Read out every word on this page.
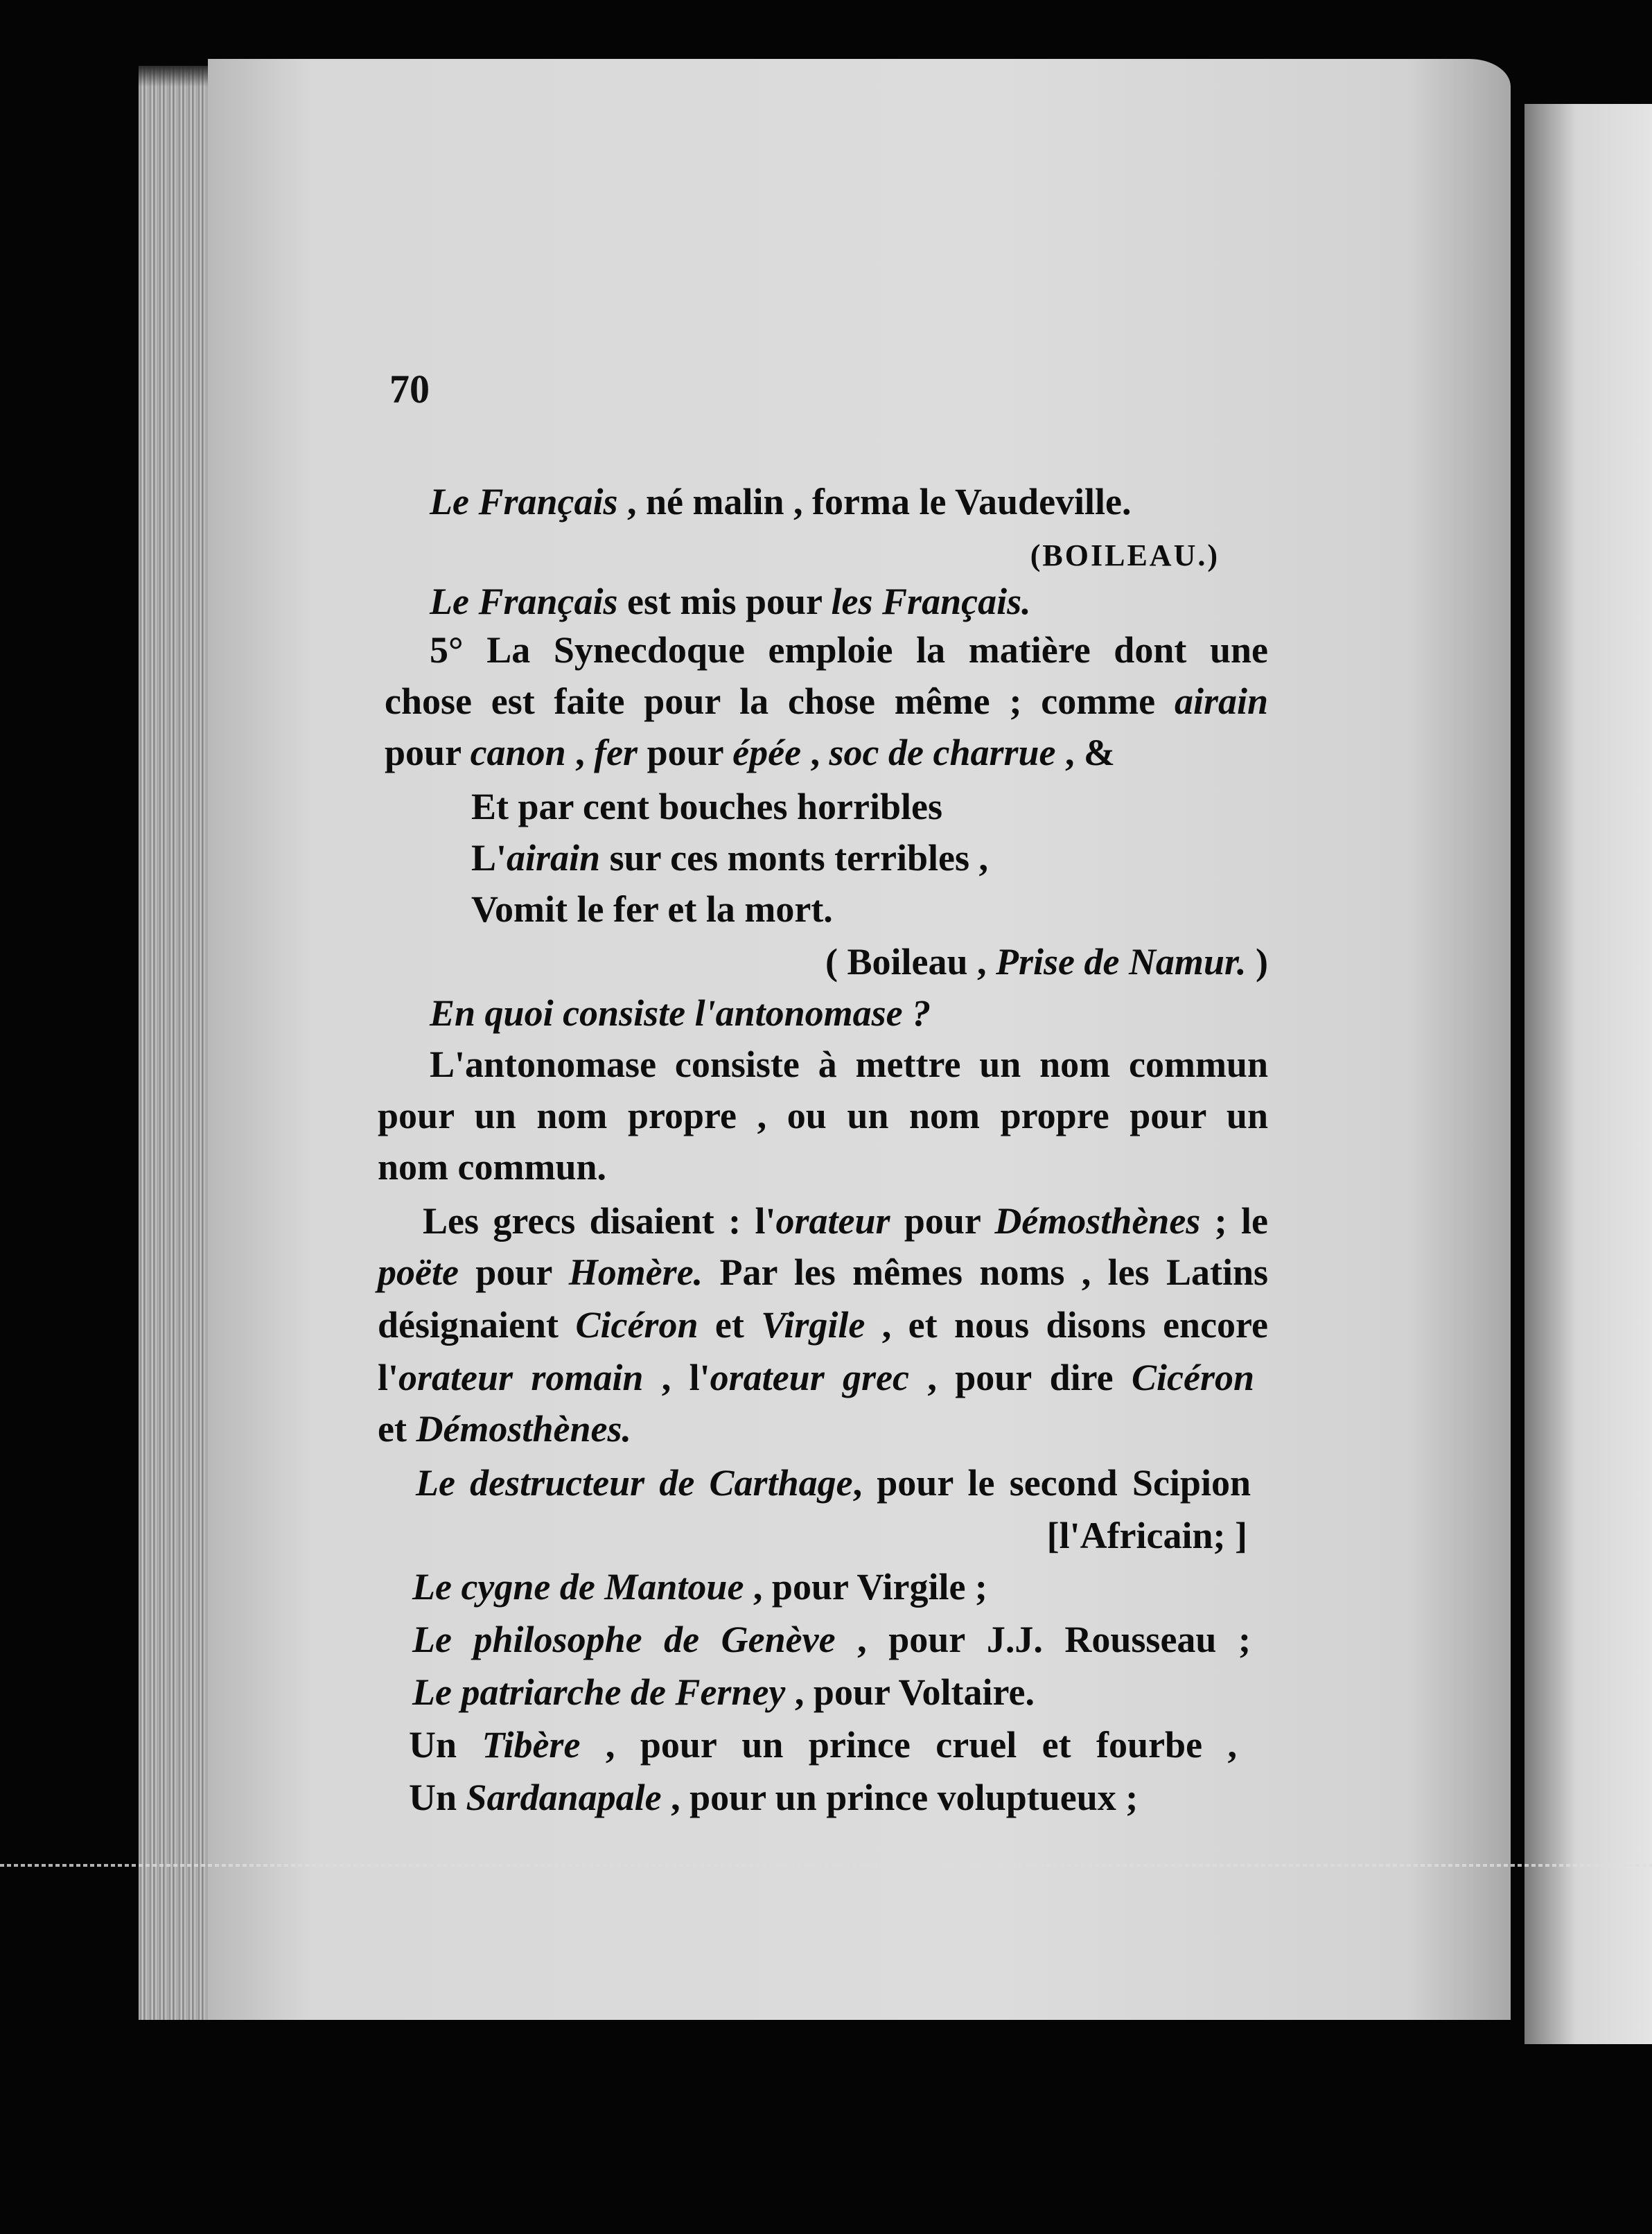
70
Le Français , né malin , forma le Vaudeville.
(BOILEAU.)
Le Français est mis pour les Français.
5° La Synecdoque emploie la matière dont une
chose est faite pour la chose même ; comme airain
pour canon , fer pour épée , soc de charrue , &
Et par cent bouches horribles
L'airain sur ces monts terribles ,
Vomit le fer et la mort.
( Boileau , Prise de Namur. )
En quoi consiste l'antonomase ?
L'antonomase consiste à mettre un nom commun
pour un nom propre , ou un nom propre pour un
nom commun.
Les grecs disaient : l'orateur pour Démosthènes ; le
poëte pour Homère. Par les mêmes noms , les Latins
désignaient Cicéron et Virgile , et nous disons encore
l'orateur romain , l'orateur grec , pour dire Cicéron
et Démosthènes.
Le destructeur de Carthage, pour le second Scipion
[l'Africain; ]
Le cygne de Mantoue , pour Virgile ;
Le philosophe de Genève , pour J.J. Rousseau ;
Le patriarche de Ferney , pour Voltaire.
Un Tibère , pour un prince cruel et fourbe ,
Un Sardanapale , pour un prince voluptueux ;
